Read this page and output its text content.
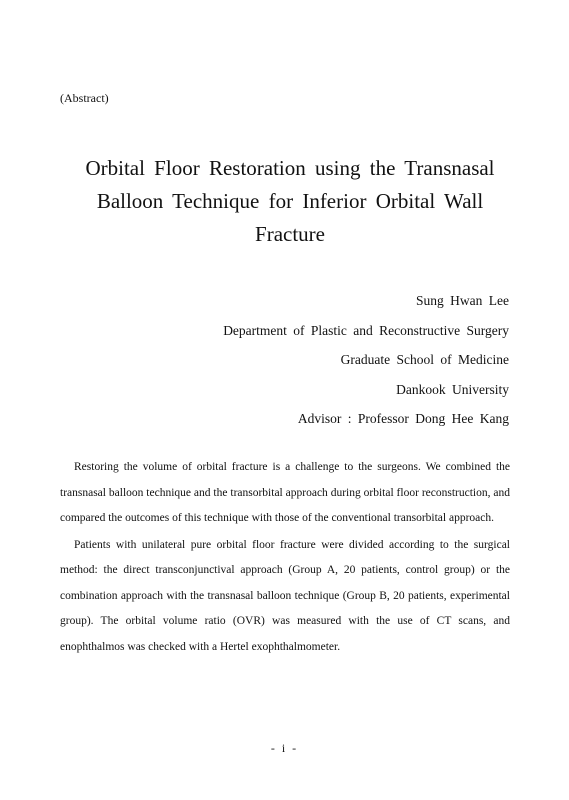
(Abstract)
Orbital Floor Restoration using the Transnasal
Balloon Technique for Inferior Orbital Wall
Fracture
Sung Hwan Lee
Department of Plastic and Reconstructive Surgery
Graduate School of Medicine
Dankook University
Advisor : Professor Dong Hee Kang

Restoring the volume of orbital fracture is a challenge to the surgeons. We combined the transnasal balloon technique and the transorbital approach during orbital floor reconstruction, and compared the outcomes of this technique with those of the conventional transorbital approach.

Patients with unilateral pure orbital floor fracture were divided according to the surgical method: the direct transconjunctival approach (Group A, 20 patients, control group) or the combination approach with the transnasal balloon technique (Group B, 20 patients, experimental group). The orbital volume ratio (OVR) was measured with the use of CT scans, and enophthalmos was checked with a Hertel exophthalmometer.

- i -
